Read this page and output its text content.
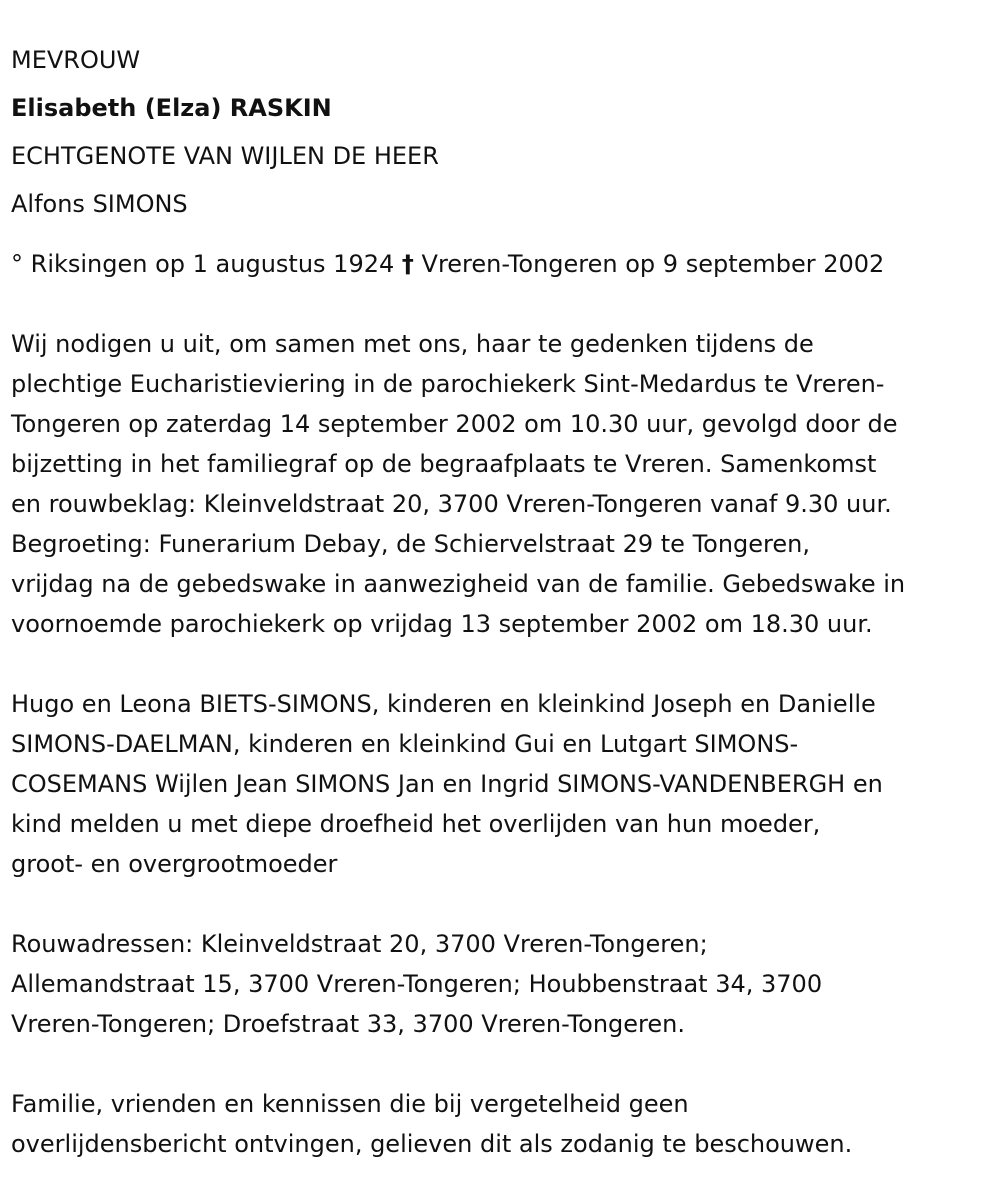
MEVROUW

Elisabeth (Elza) RASKIN

ECHTGENOTE VAN WIJLEN DE HEER

Alfons SIMONS

° Riksingen op 1 augustus 1924 † Vreren-Tongeren op 9 september 2002
Wij nodigen u uit, om samen met ons, haar te gedenken tijdens de
plechtige Eucharistieviering in de parochiekerk Sint-Medardus te Vreren-
Tongeren op zaterdag 14 september 2002 om 10.30 uur, gevolgd door de
bijzetting in het familiegraf op de begraafplaats te Vreren. Samenkomst
en rouwbeklag: Kleinveldstraat 20, 3700 Vreren-Tongeren vanaf 9.30 uur.
Begroeting: Funerarium Debay, de Schiervelstraat 29 te Tongeren,
vrijdag na de gebedswake in aanwezigheid van de familie. Gebedswake in
voornoemde parochiekerk op vrijdag 13 september 2002 om 18.30 uur.
Hugo en Leona BIETS-SIMONS, kinderen en kleinkind Joseph en Danielle
SIMONS-DAELMAN, kinderen en kleinkind Gui en Lutgart SIMONS-
COSEMANS Wijlen Jean SIMONS Jan en Ingrid SIMONS-VANDENBERGH en
kind melden u met diepe droefheid het overlijden van hun moeder,
groot- en overgrootmoeder
Rouwadressen: Kleinveldstraat 20, 3700 Vreren-Tongeren;
Allemandstraat 15, 3700 Vreren-Tongeren; Houbbenstraat 34, 3700
Vreren-Tongeren; Droefstraat 33, 3700 Vreren-Tongeren.
Familie, vrienden en kennissen die bij vergetelheid geen
overlijdensbericht ontvingen, gelieven dit als zodanig te beschouwen.
